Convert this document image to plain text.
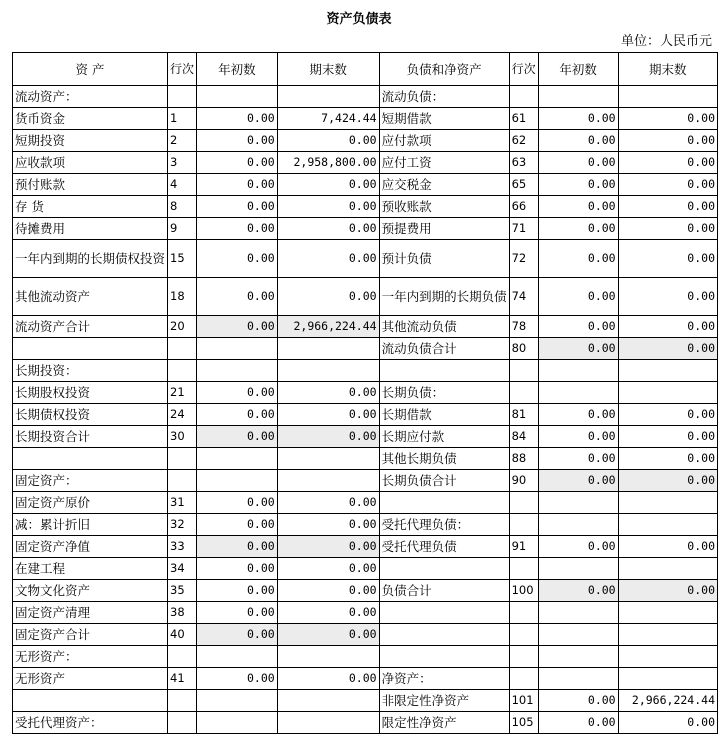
资产负债表
单位：人民币元
资 产	行次	年初数	期末数	负债和净资产	行次	年初数	期末数
流动资产：				流动负债：			
货币资金	1	0.00	7,424.44	短期借款	61	0.00	0.00
短期投资	2	0.00	0.00	应付款项	62	0.00	0.00
应收款项	3	0.00	2,958,800.00	应付工资	63	0.00	0.00
预付账款	4	0.00	0.00	应交税金	65	0.00	0.00
存 货	8	0.00	0.00	预收账款	66	0.00	0.00
待摊费用	9	0.00	0.00	预提费用	71	0.00	0.00
一年内到期的长期债权投资	15	0.00	0.00	预计负债	72	0.00	0.00
其他流动资产	18	0.00	0.00	一年内到期的长期负债	74	0.00	0.00
流动资产合计	20	0.00	2,966,224.44	其他流动负债	78	0.00	0.00
				流动负债合计	80	0.00	0.00
长期投资：							
长期股权投资	21	0.00	0.00	长期负债：			
长期债权投资	24	0.00	0.00	长期借款	81	0.00	0.00
长期投资合计	30	0.00	0.00	长期应付款	84	0.00	0.00
				其他长期负债	88	0.00	0.00
固定资产：				长期负债合计	90	0.00	0.00
固定资产原价	31	0.00	0.00				
减：累计折旧	32	0.00	0.00	受托代理负债：			
固定资产净值	33	0.00	0.00	受托代理负债	91	0.00	0.00
在建工程	34	0.00	0.00				
文物文化资产	35	0.00	0.00	负债合计	100	0.00	0.00
固定资产清理	38	0.00	0.00				
固定资产合计	40	0.00	0.00				
无形资产：							
无形资产	41	0.00	0.00	净资产：			
				非限定性净资产	101	0.00	2,966,224.44
受托代理资产：				限定性净资产	105	0.00	0.00
